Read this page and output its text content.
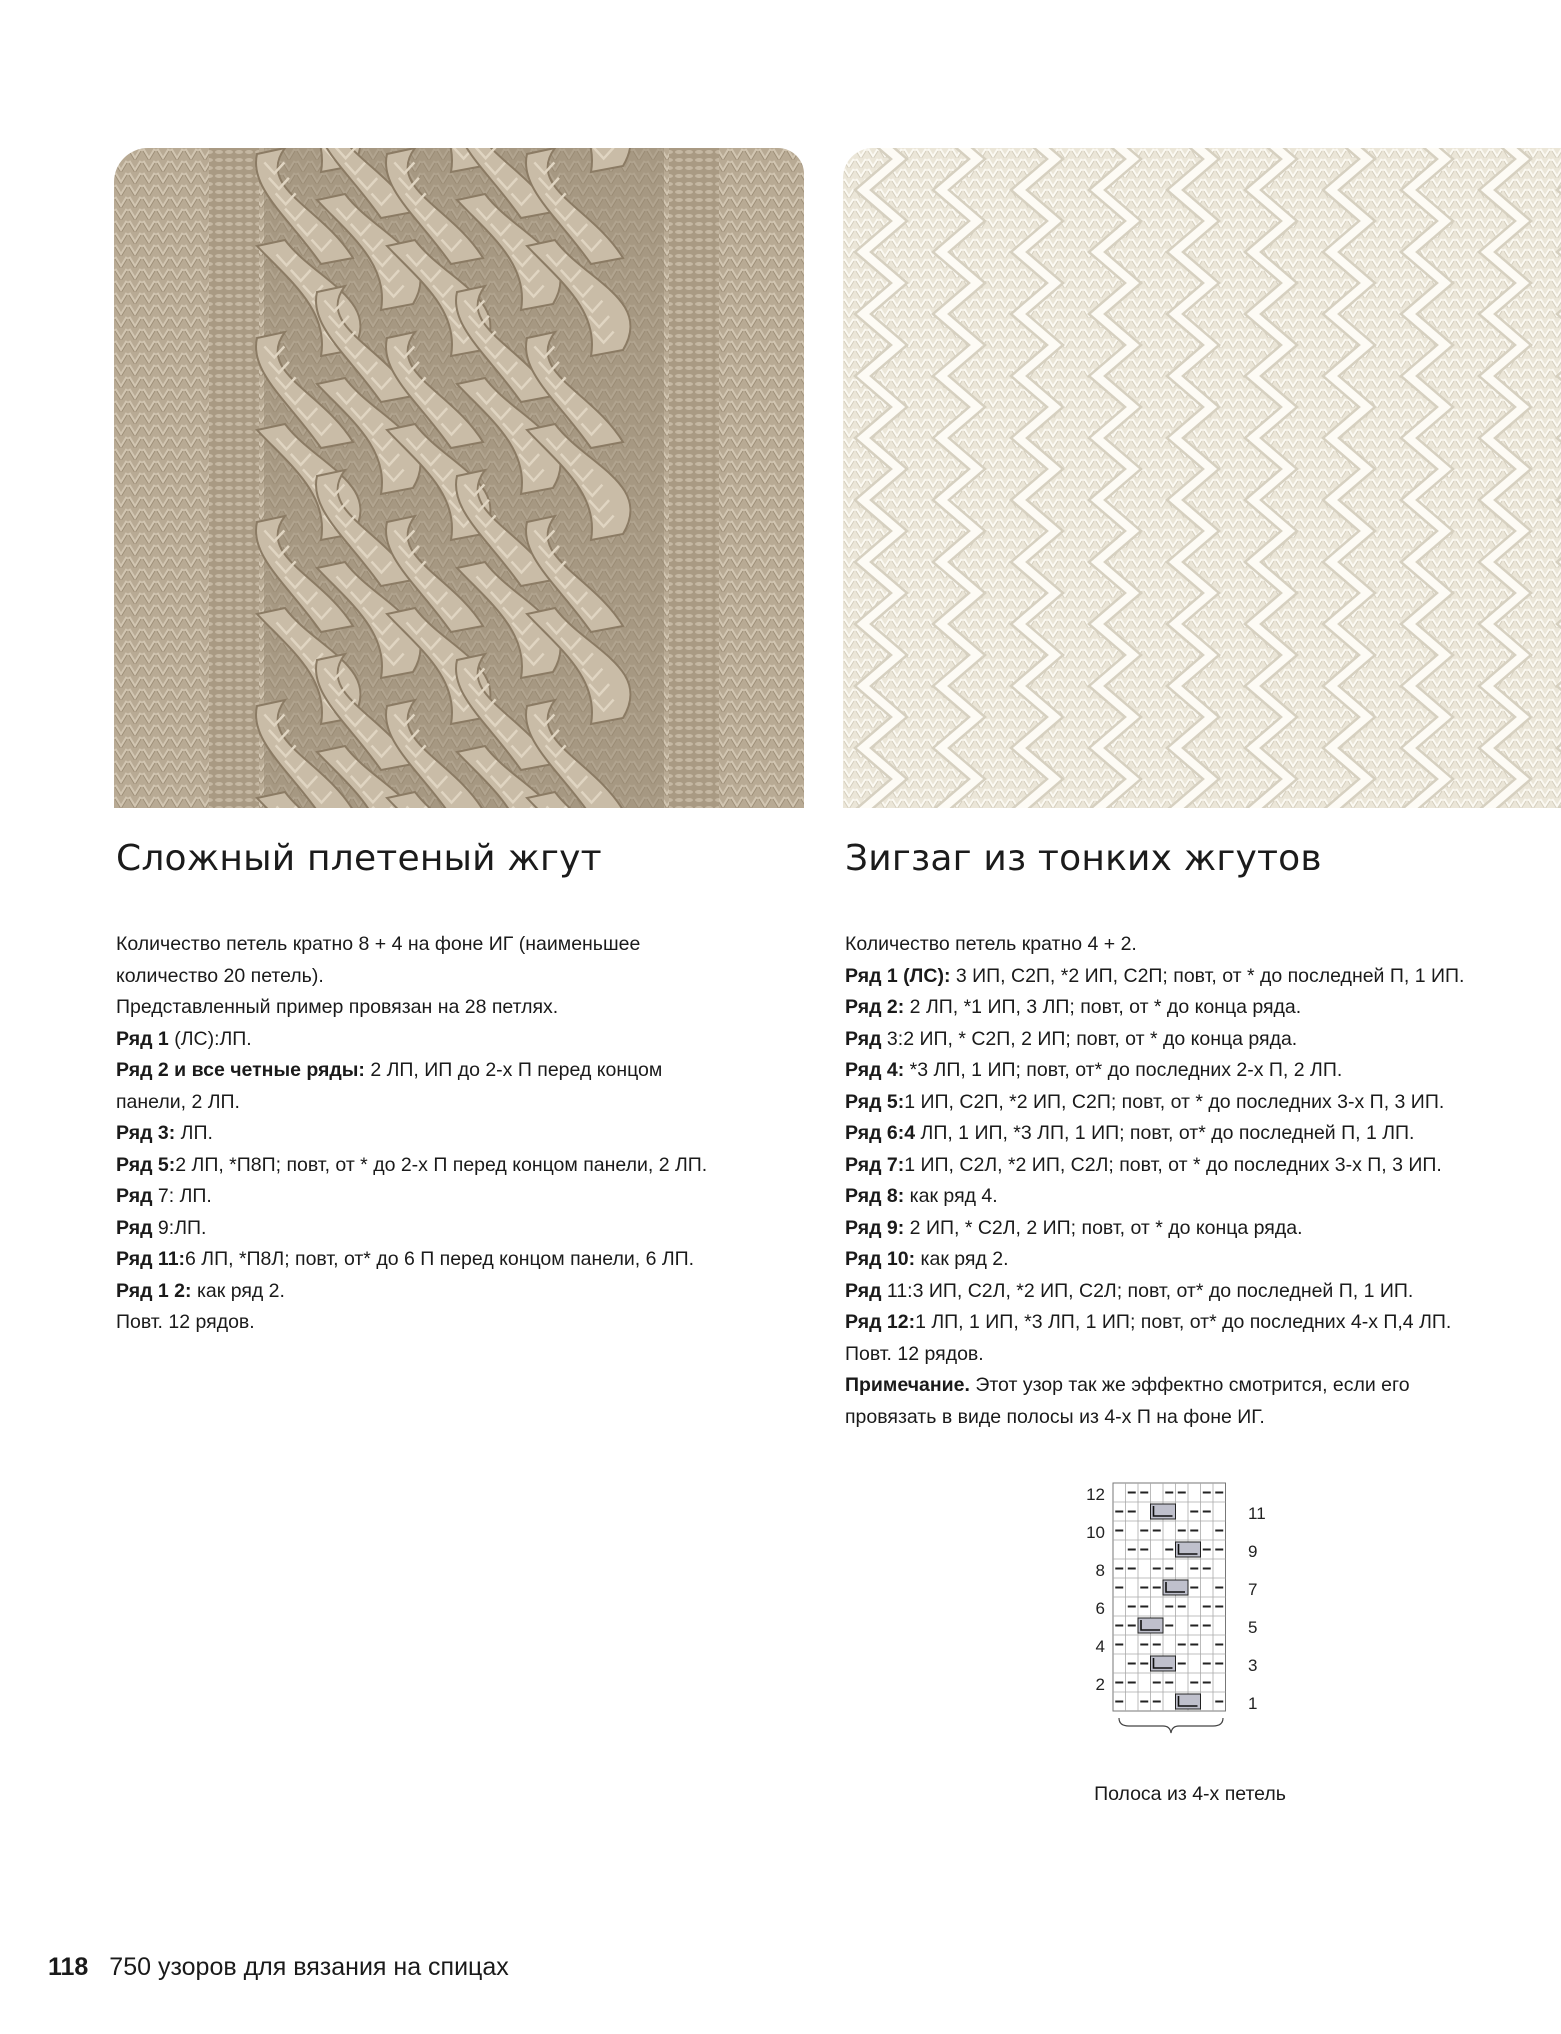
Сложный плетеный жгут

Количество петель кратно 8 + 4 на фоне ИГ (наименьшее

количество 20 петель).

Представленный пример провязан на 28 петлях.

Ряд 1 (ЛС):ЛП.

Ряд 2 и все четные ряды: 2 ЛП, ИП до 2-х П перед концом

панели, 2 ЛП.

Ряд 3: ЛП.

Ряд 5:2 ЛП, *П8П; повт, от * до 2-х П перед концом панели, 2 ЛП.

Ряд 7: ЛП.

Ряд 9:ЛП.

Ряд 11:6 ЛП, *П8Л; повт, от* до 6 П перед концом панели, 6 ЛП.

Ряд 1 2: как ряд 2.

Повт. 12 рядов.

Зигзаг из тонких жгутов

Количество петель кратно 4 + 2.

Ряд 1 (ЛС): 3 ИП, С2П, *2 ИП, С2П; повт, от * до последней П, 1 ИП.

Ряд 2: 2 ЛП, *1 ИП, 3 ЛП; повт, от * до конца ряда.

Ряд 3:2 ИП, * С2П, 2 ИП; повт, от * до конца ряда.

Ряд 4: *3 ЛП, 1 ИП; повт, от* до последних 2-х П, 2 ЛП.

Ряд 5:1 ИП, С2П, *2 ИП, С2П; повт, от * до последних 3-х П, 3 ИП.

Ряд 6:4 ЛП, 1 ИП, *3 ЛП, 1 ИП; повт, от* до последней П, 1 ЛП.

Ряд 7:1 ИП, С2Л, *2 ИП, С2Л; повт, от * до последних 3-х П, 3 ИП.

Ряд 8: как ряд 4.

Ряд 9: 2 ИП, * С2Л, 2 ИП; повт, от * до конца ряда.

Ряд 10: как ряд 2.

Ряд 11:3 ИП, С2Л, *2 ИП, С2Л; повт, от* до последней П, 1 ИП.

Ряд 12:1 ЛП, 1 ИП, *3 ЛП, 1 ИП; повт, от* до последних 4-х П,4 ЛП.

Повт. 12 рядов.

Примечание. Этот узор так же эффектно смотрится, если его

провязать в виде полосы из 4-х П на фоне ИГ.

12
10
8
6
4
2
11
9
7
5
3
1
Полоса из 4-х петель
118 750 узоров для вязания на спицах
